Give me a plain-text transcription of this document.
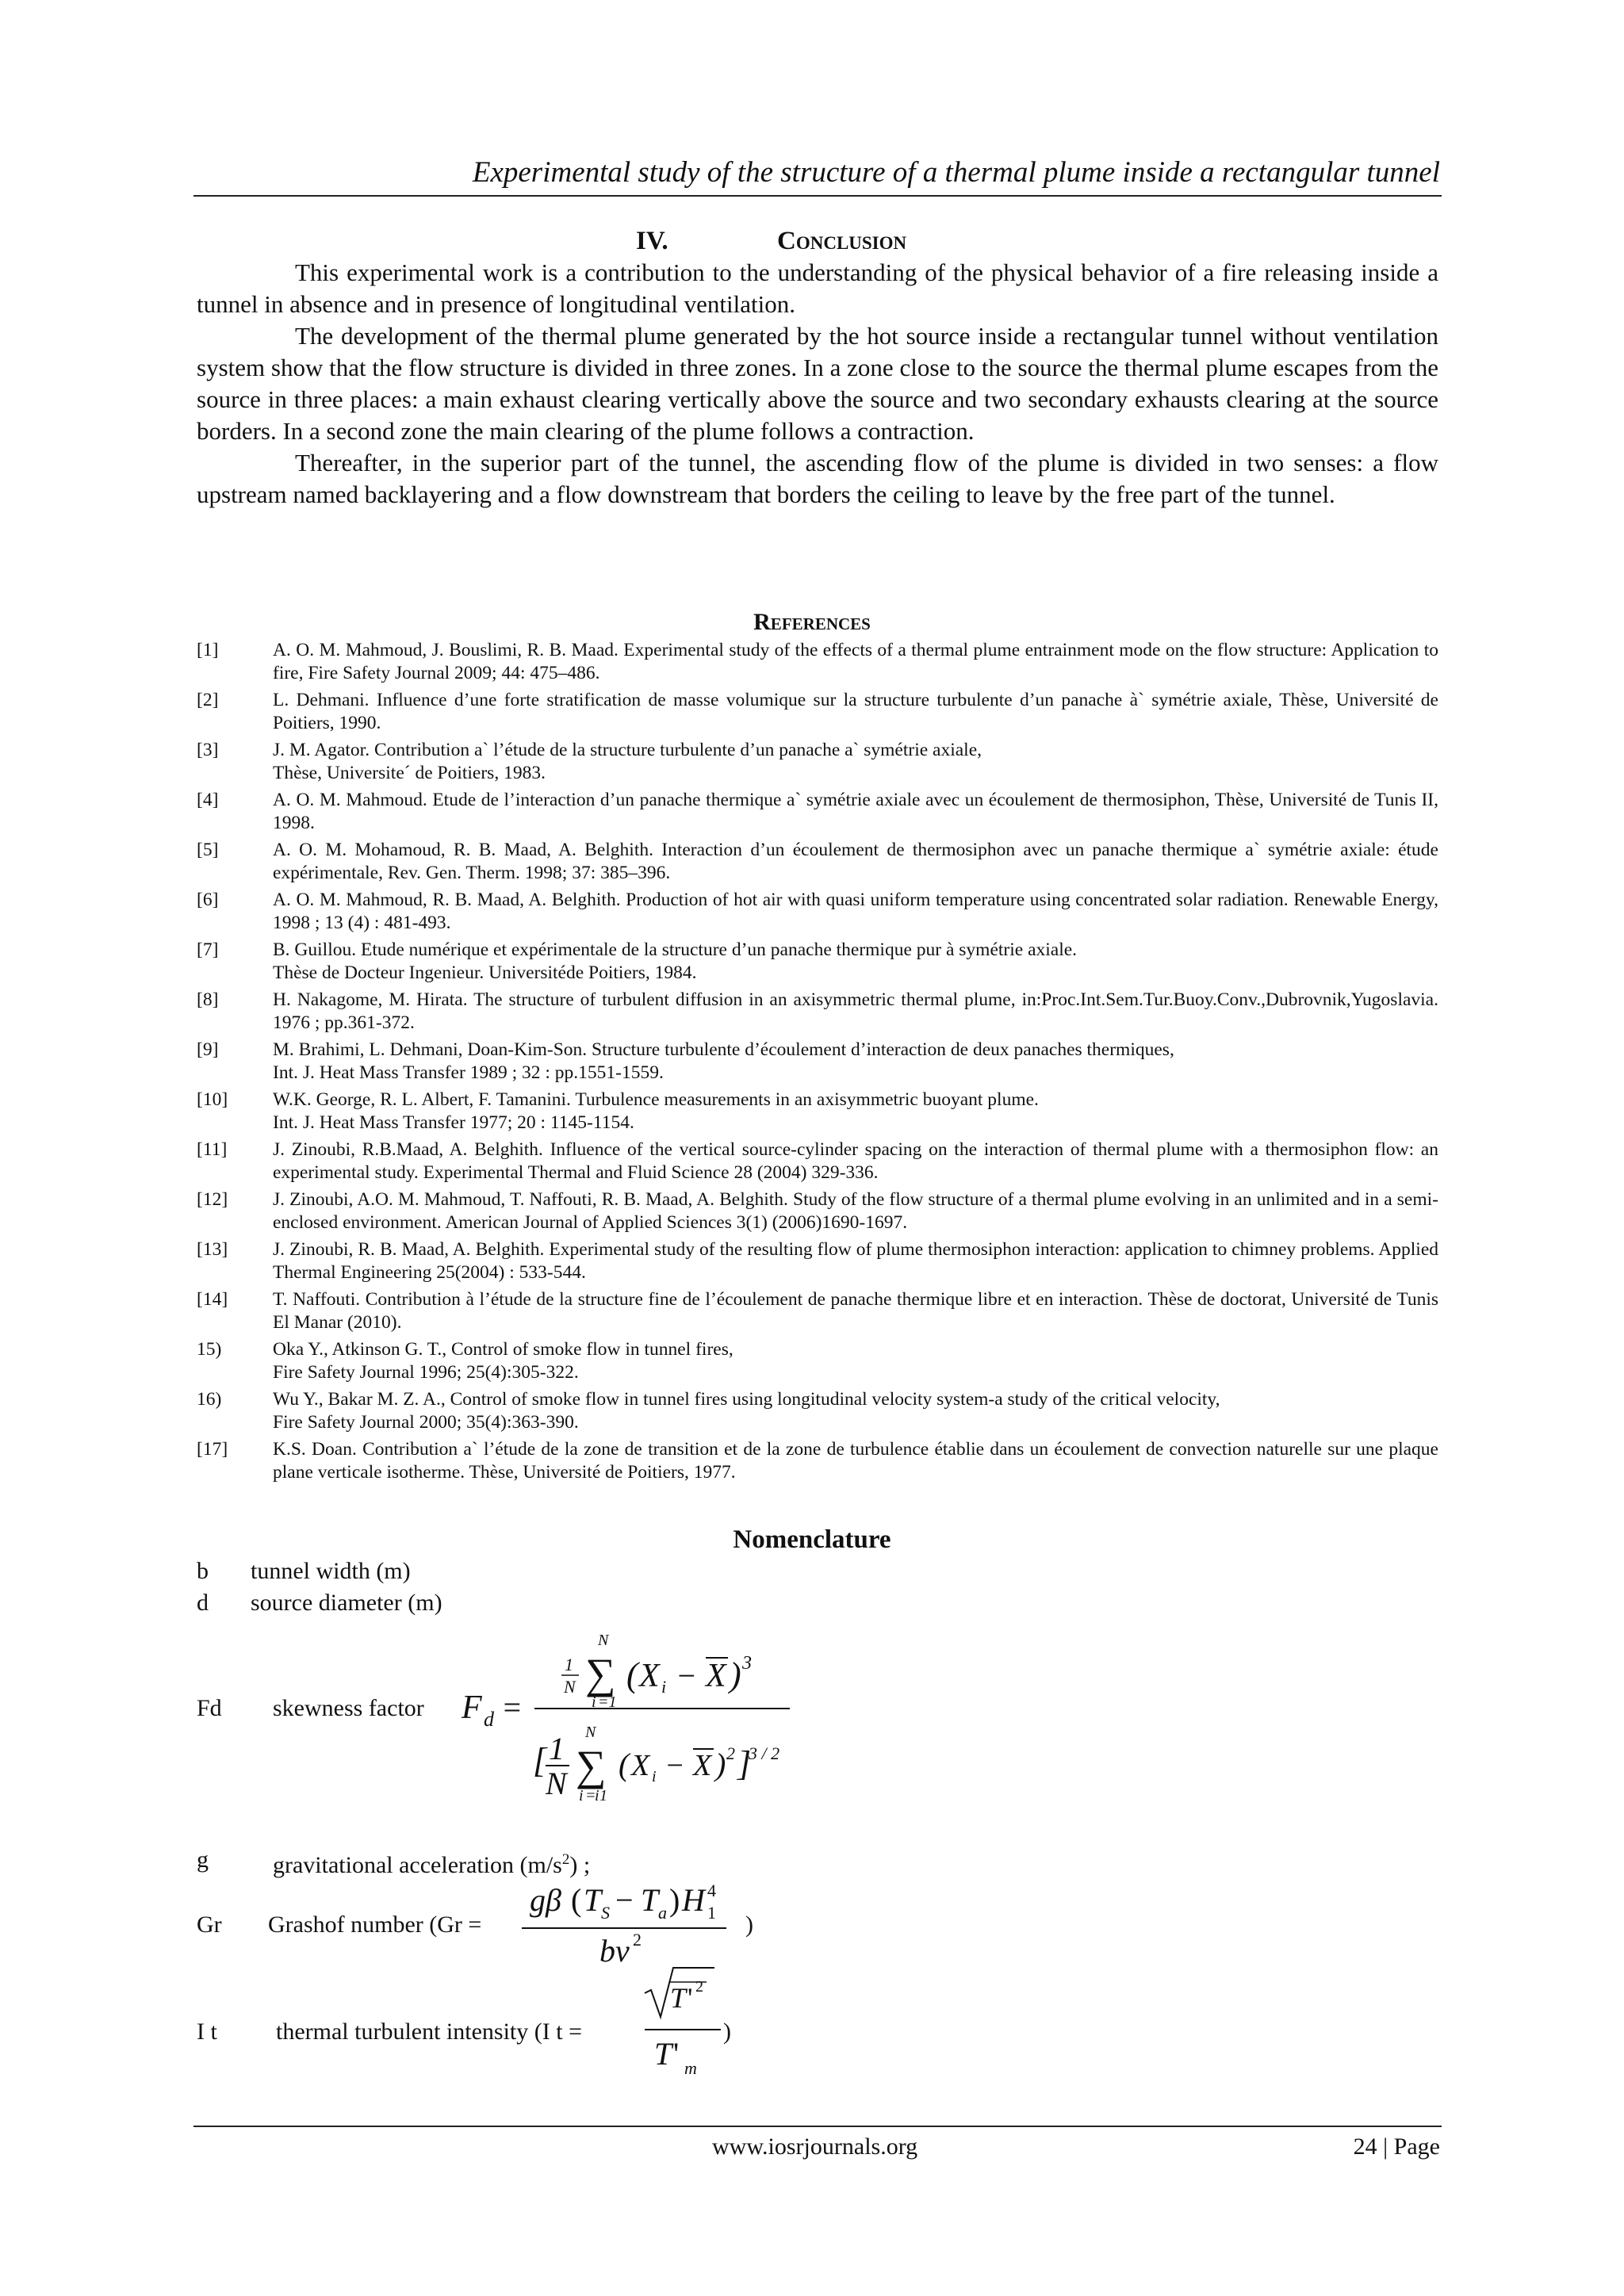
Experimental study of the structure of a thermal plume inside a rectangular tunnel
IV.	Conclusion

This experimental work is a contribution to the understanding of the physical behavior of a fire releasing inside a tunnel in absence and in presence of longitudinal ventilation.

The development of the thermal plume generated by the hot source inside a rectangular tunnel without ventilation system show that the flow structure is divided in three zones. In a zone close to the source the thermal plume escapes from the source in three places: a main exhaust clearing vertically above the source and two secondary exhausts clearing at the source borders. In a second zone the main clearing of the plume follows a contraction.

Thereafter, in the superior part of the tunnel, the ascending flow of the plume is divided in two senses: a flow upstream named backlayering and a flow downstream that borders the ceiling to leave by the free part of the tunnel.

References
[1]	A. O. M. Mahmoud, J. Bouslimi, R. B. Maad. Experimental study of the effects of a thermal plume entrainment mode on the flow structure: Application to fire, Fire Safety Journal 2009; 44: 475–486.
[2]	L. Dehmani. Influence d’une forte stratification de masse volumique sur la structure turbulente d’un panache à` symétrie axiale, Thèse, Université de Poitiers, 1990.
[3]	J. M. Agator. Contribution a` l’étude de la structure turbulente d’un panache a` symétrie axiale,
Thèse, Universite´ de Poitiers, 1983.
[4]	A. O. M. Mahmoud. Etude de l’interaction d’un panache thermique a` symétrie axiale avec un écoulement de thermosiphon, Thèse, Université de Tunis II, 1998.
[5]	A. O. M. Mohamoud, R. B. Maad, A. Belghith. Interaction d’un écoulement de thermosiphon avec un panache thermique a` symétrie axiale: étude expérimentale, Rev. Gen. Therm. 1998; 37: 385–396.
[6]	A. O. M. Mahmoud, R. B. Maad, A. Belghith. Production of hot air with quasi uniform temperature using concentrated solar radiation. Renewable Energy, 1998 ; 13 (4) : 481-493.
[7]	B. Guillou. Etude numérique et expérimentale de la structure d’un panache thermique pur à symétrie axiale.
Thèse de Docteur Ingenieur. Universitéde Poitiers, 1984.
[8]	H. Nakagome, M. Hirata. The structure of turbulent diffusion in an axisymmetric thermal plume, in:Proc.Int.Sem.Tur.Buoy.Conv.,Dubrovnik,Yugoslavia. 1976 ; pp.361-372.
[9]	M. Brahimi, L. Dehmani, Doan-Kim-Son. Structure turbulente d’écoulement d’interaction de deux panaches thermiques,
Int. J. Heat Mass Transfer 1989 ; 32 : pp.1551-1559.
[10] W.K. George, R. L. Albert, F. Tamanini. Turbulence measurements in an axisymmetric buoyant plume.
Int. J. Heat Mass Transfer 1977; 20 : 1145-1154.
[11] J. Zinoubi, R.B.Maad, A. Belghith. Influence of the vertical source-cylinder spacing on the interaction of thermal plume with a thermosiphon flow: an experimental study. Experimental Thermal and Fluid Science 28 (2004) 329-336.
[12] J. Zinoubi, A.O. M. Mahmoud, T. Naffouti, R. B. Maad, A. Belghith. Study of the flow structure of a thermal plume evolving in an unlimited and in a semi-enclosed environment. American Journal of Applied Sciences 3(1) (2006)1690-1697.
[13] J. Zinoubi, R. B. Maad, A. Belghith. Experimental study of the resulting flow of plume thermosiphon interaction: application to chimney problems. Applied Thermal Engineering 25(2004) : 533-544.
[14] T. Naffouti. Contribution à l’étude de la structure fine de l’écoulement de panache thermique libre et en interaction. Thèse de doctorat, Université de Tunis El Manar (2010).
15)	Oka Y., Atkinson G. T., Control of smoke flow in tunnel fires,
Fire Safety Journal 1996; 25(4):305-322.
16)	Wu Y., Bakar M. Z. A., Control of smoke flow in tunnel fires using longitudinal velocity system-a study of the critical velocity,
Fire Safety Journal 2000; 35(4):363-390.
[17] K.S. Doan. Contribution a` l’étude de la zone de transition et de la zone de turbulence établie dans un écoulement de convection naturelle sur une plaque plane verticale isotherme. Thèse, Université de Poitiers, 1977.
Nomenclature
b tunnel width (m)
d source diameter (m)
Fd skewness factor F d =
1
N
N
∑
i =1
( X i − X ) 3
[ 1
N
N
∑
i =
i 1
( X i − X ) 2 ]
3 / 2
g	gravitational acceleration $(m/s^2)$ ;
Gr Grashof number (Gr =
gβ ( T S − T a ) H 4
1
bν 2
)
I t thermal turbulent intensity (I t =
T ' 2
T ' m
)
www.iosrjournals.org	24 | Page
